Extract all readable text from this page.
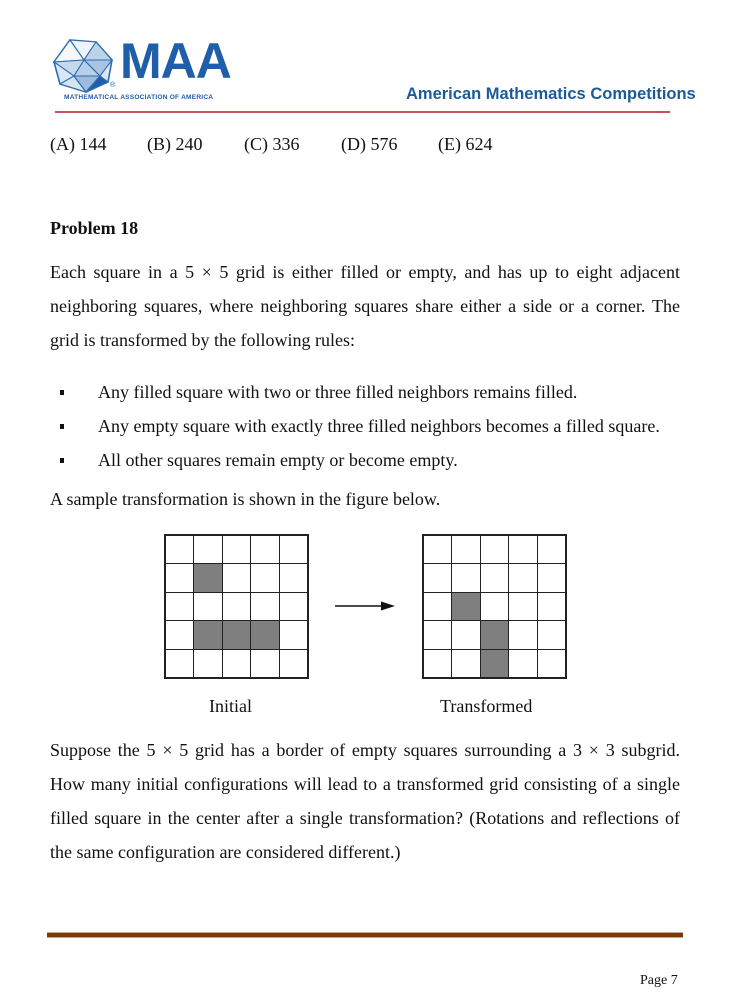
® MAA
MATHEMATICAL ASSOCIATION OF AMERICA	American Mathematics Competitions
(A) 144 (B) 240 (C) 336 (D) 576 (E) 624
Problem 18
Each square in a 5 × 5 grid is either filled or empty, and has up to eight adjacent neighboring squares, where neighboring squares share either a side or a corner. The grid is transformed by the following rules:
Any filled square with two or three filled neighbors remains filled.
Any empty square with exactly three filled neighbors becomes a filled square.
All other squares remain empty or become empty.
A sample transformation is shown in the figure below.
Initial	Transformed
Suppose the 5 × 5 grid has a border of empty squares surrounding a 3 × 3 subgrid. How many initial configurations will lead to a transformed grid consisting of a single filled square in the center after a single transformation? (Rotations and reflections of the same configuration are considered different.)
Page 7
